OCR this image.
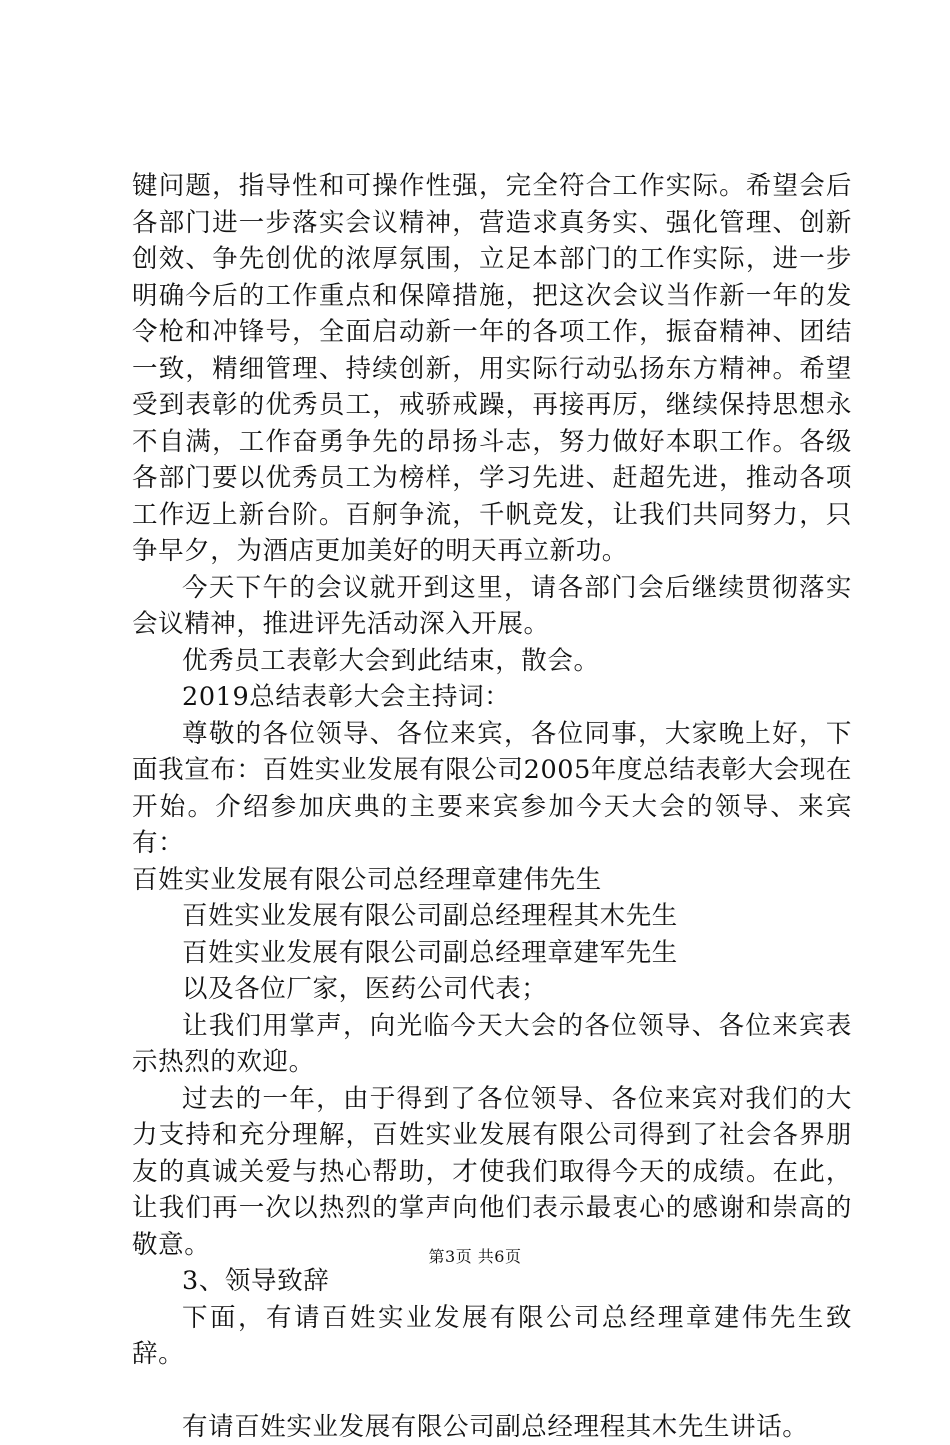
键问题，指导性和可操作性强，完全符合工作实际。希望会后各部门进一步落实会议精神，营造求真务实、强化管理、创新创效、争先创优的浓厚氛围，立足本部门的工作实际，进一步明确今后的工作重点和保障措施，把这次会议当作新一年的发令枪和冲锋号，全面启动新一年的各项工作，振奋精神、团结一致，精细管理、持续创新，用实际行动弘扬东方精神。希望受到表彰的优秀员工，戒骄戒躁，再接再厉，继续保持思想永不自满，工作奋勇争先的昂扬斗志，努力做好本职工作。各级各部门要以优秀员工为榜样，学习先进、赶超先进，推动各项工作迈上新台阶。百舸争流，千帆竞发，让我们共同努力，只争早夕，为酒店更加美好的明天再立新功。

今天下午的会议就开到这里，请各部门会后继续贯彻落实会议精神，推进评先活动深入开展。

优秀员工表彰大会到此结束，散会。

2019总结表彰大会主持词：

尊敬的各位领导、各位来宾，各位同事，大家晚上好，下面我宣布：百姓实业发展有限公司2005年度总结表彰大会现在开始。介绍参加庆典的主要来宾参加今天大会的领导、来宾有：

百姓实业发展有限公司总经理章建伟先生

百姓实业发展有限公司副总经理程其木先生

百姓实业发展有限公司副总经理章建军先生

以及各位厂家，医药公司代表；

让我们用掌声，向光临今天大会的各位领导、各位来宾表示热烈的欢迎。

过去的一年，由于得到了各位领导、各位来宾对我们的大力支持和充分理解，百姓实业发展有限公司得到了社会各界朋友的真诚关爱与热心帮助，才使我们取得今天的成绩。在此，让我们再一次以热烈的掌声向他们表示最衷心的感谢和崇高的敬意。

3、领导致辞

下面，有请百姓实业发展有限公司总经理章建伟先生致辞。

有请百姓实业发展有限公司副总经理程其木先生讲话。

第3页 共6页
